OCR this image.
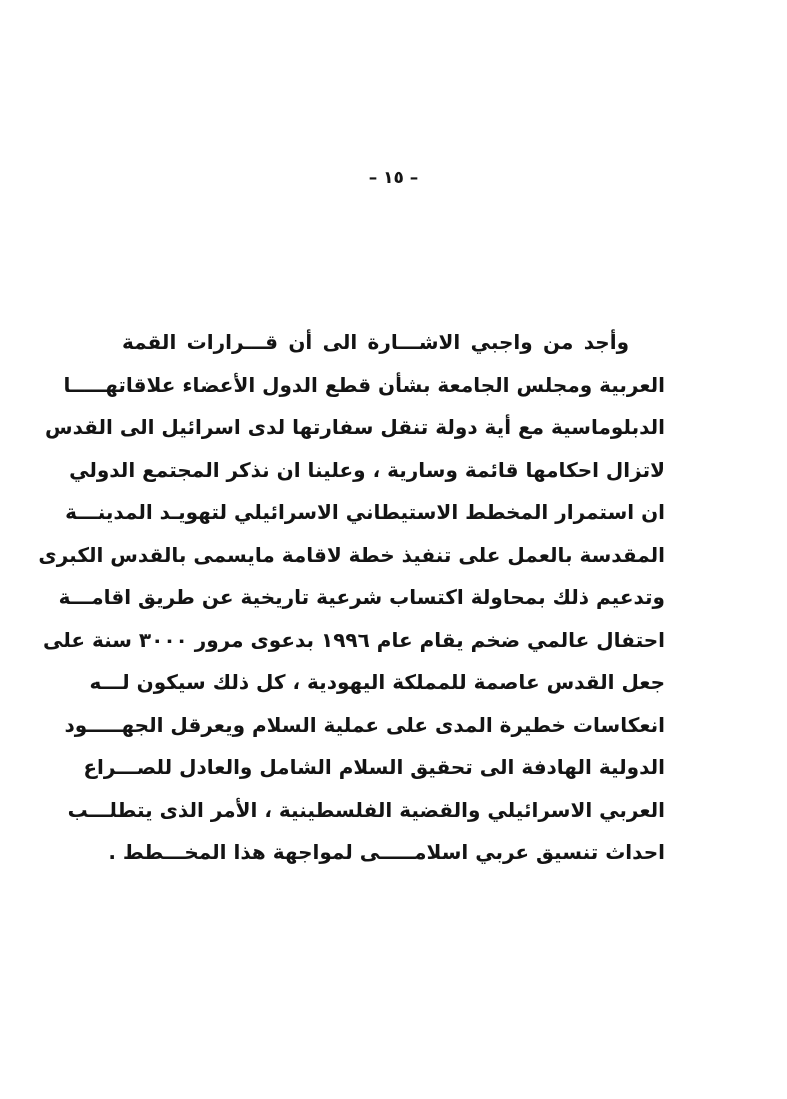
– ١٥ –
وأجد من واجبي الاشـــارة الى أن قـــرارات القمة
العربية ومجلس الجامعة بشأن قطع الدول الأعضاء علاقاتهـــــا
الدبلوماسية مع أية دولة تنقل سفارتها لدى اسرائيل الى القدس
لاتزال احكامها قائمة وسارية ، وعلينا ان نذكر المجتمع الدولي
ان استمرار المخطط الاستيطاني الاسرائيلي لتهويـد المدينـــة
المقدسة بالعمل على تنفيذ خطة لاقامة مايسمى بالقدس الكبرى
وتدعيم ذلك بمحاولة اكتساب شرعية تاريخية عن طريق اقامـــة
احتفال عالمي ضخم يقام عام ١٩٩٦ بدعوى مرور ٣٠٠٠ سنة على
جعل القدس عاصمة للمملكة اليهودية ، كل ذلك سيكون لـــه
انعكاسات خطيرة المدى على عملية السلام ويعرقل الجهـــــود
الدولية الهادفة الى تحقيق السلام الشامل والعادل للصـــراع
العربي الاسرائيلي والقضية الفلسطينية ، الأمر الذى يتطلـــب
احداث تنسيق عربي اسلامـــــى لمواجهة هذا المخـــطط .
